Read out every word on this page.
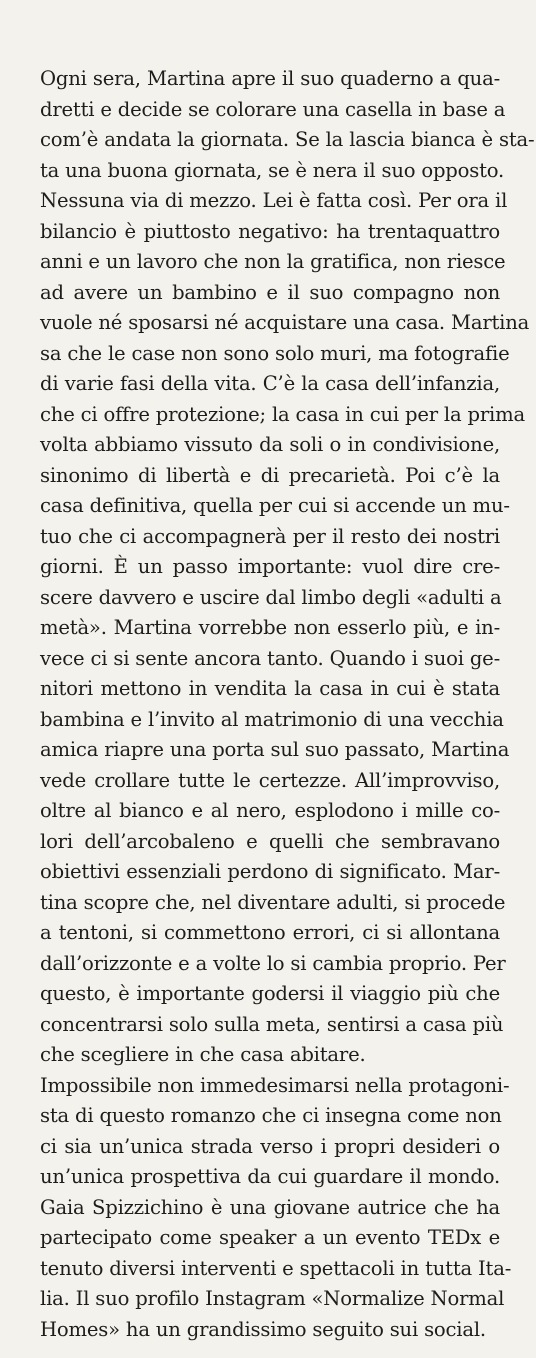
Ogni sera, Martina apre il suo quaderno a qua-
dretti e decide se colorare una casella in base a
com’è andata la giornata. Se la lascia bianca è sta-
ta una buona giornata, se è nera il suo opposto.
Nessuna via di mezzo. Lei è fatta così. Per ora il
bilancio è piuttosto negativo: ha trentaquattro
anni e un lavoro che non la gratifica, non riesce
ad avere un bambino e il suo compagno non
vuole né sposarsi né acquistare una casa. Martina
sa che le case non sono solo muri, ma fotografie
di varie fasi della vita. C’è la casa dell’infanzia,
che ci offre protezione; la casa in cui per la prima
volta abbiamo vissuto da soli o in condivisione,
sinonimo di libertà e di precarietà. Poi c’è la
casa definitiva, quella per cui si accende un mu-
tuo che ci accompagnerà per il resto dei nostri
giorni. È un passo importante: vuol dire cre-
scere davvero e uscire dal limbo degli «adulti a
metà». Martina vorrebbe non esserlo più, e in-
vece ci si sente ancora tanto. Quando i suoi ge-
nitori mettono in vendita la casa in cui è stata
bambina e l’invito al matrimonio di una vecchia
amica riapre una porta sul suo passato, Martina
vede crollare tutte le certezze. All’improvviso,
oltre al bianco e al nero, esplodono i mille co-
lori dell’arcobaleno e quelli che sembravano
obiettivi essenziali perdono di significato. Mar-
tina scopre che, nel diventare adulti, si procede
a tentoni, si commettono errori, ci si allontana
dall’orizzonte e a volte lo si cambia proprio. Per
questo, è importante godersi il viaggio più che
concentrarsi solo sulla meta, sentirsi a casa più
che scegliere in che casa abitare.
Impossibile non immedesimarsi nella protagoni-
sta di questo romanzo che ci insegna come non
ci sia un’unica strada verso i propri desideri o
un’unica prospettiva da cui guardare il mondo.
Gaia Spizzichino è una giovane autrice che ha
partecipato come speaker a un evento TEDx e
tenuto diversi interventi e spettacoli in tutta Ita-
lia. Il suo profilo Instagram «Normalize Normal
Homes» ha un grandissimo seguito sui social.
